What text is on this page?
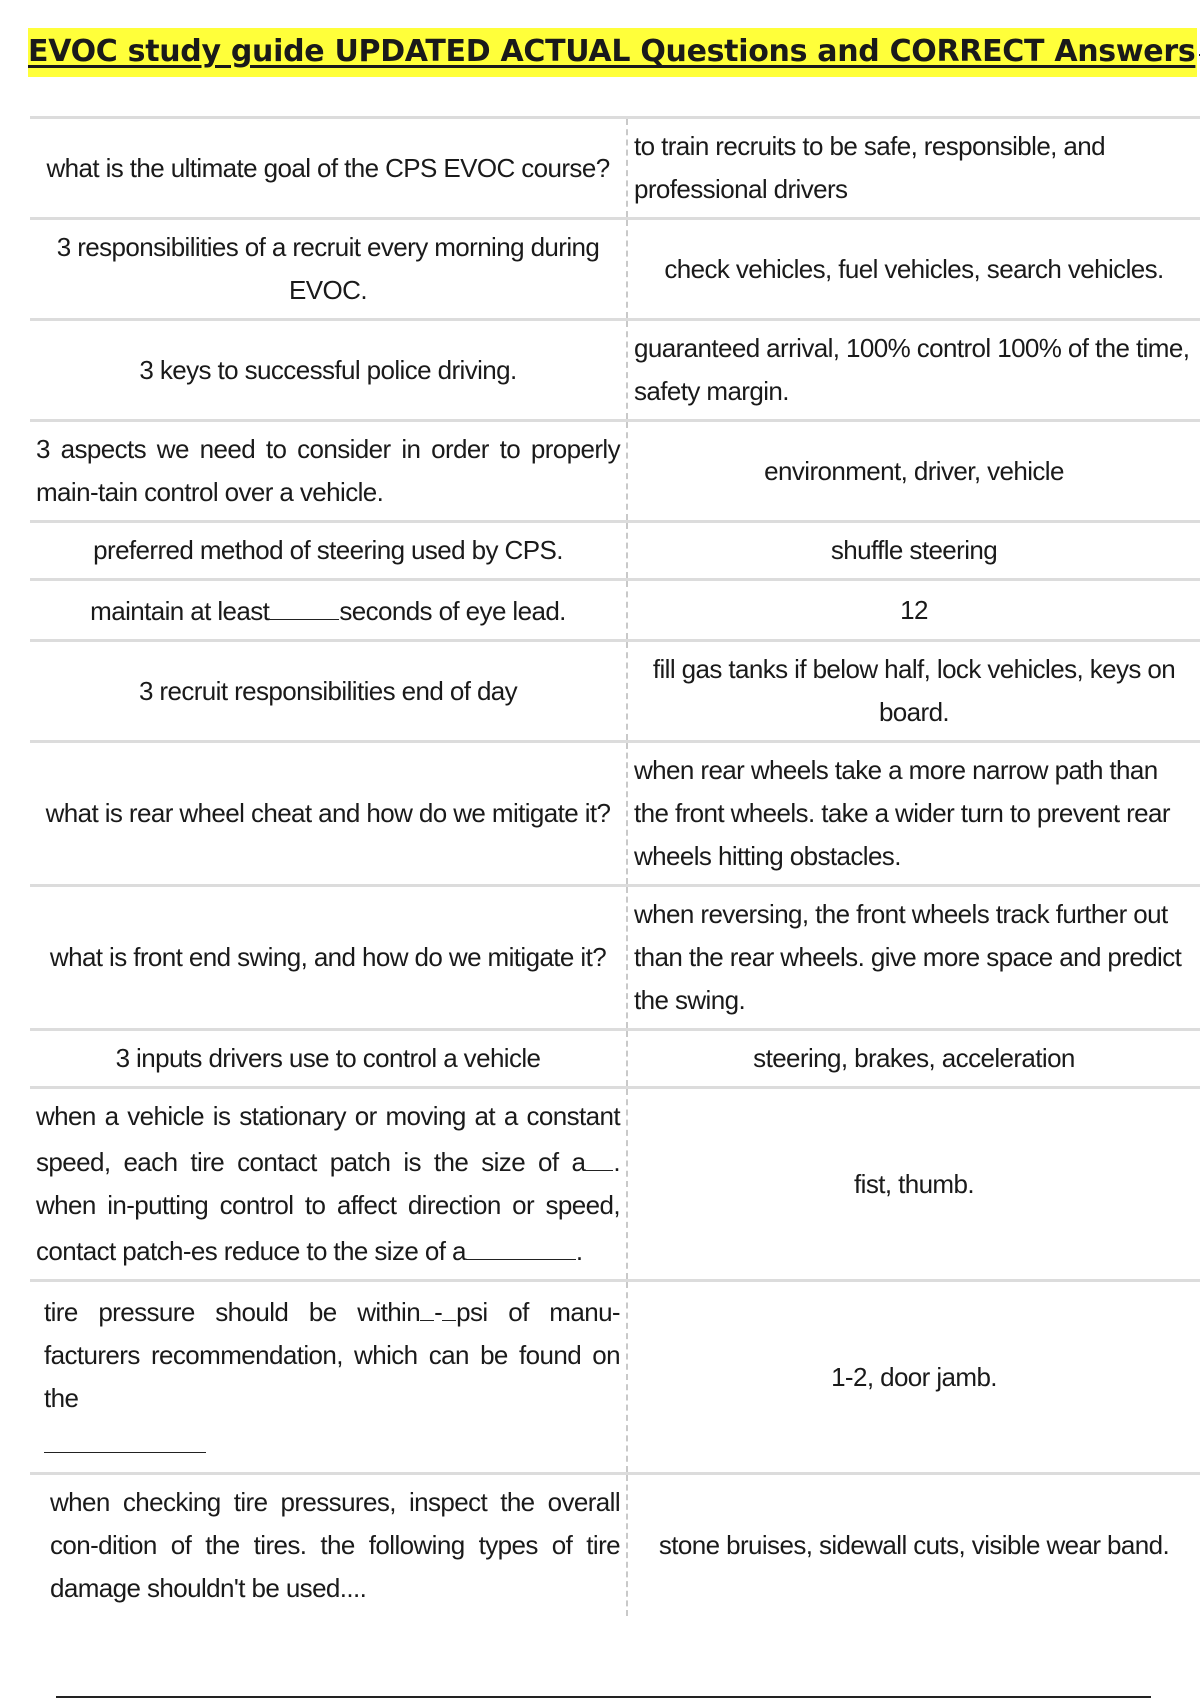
EVOC study guide UPDATED ACTUAL Questions and CORRECT Answers
what is the ultimate goal of the CPS EVOC course?	to train recruits to be safe, responsible, and professional drivers
3 responsibilities of a recruit every morning during EVOC.	check vehicles, fuel vehicles, search vehicles.
3 keys to successful police driving.	guaranteed arrival, 100% control 100% of the time, safety margin.
3 aspects we need to consider in order to properly main-tain control over a vehicle.	environment, driver, vehicle
preferred method of steering used by CPS.	shuffle steering
maintain at least seconds of eye lead.	12
3 recruit responsibilities end of day	fill gas tanks if below half, lock vehicles, keys on board.
what is rear wheel cheat and how do we mitigate it?	when rear wheels take a more narrow path than the front wheels. take a wider turn to prevent rear wheels hitting obstacles.
what is front end swing, and how do we mitigate it?	when reversing, the front wheels track further out than the rear wheels. give more space and predict the swing.
3 inputs drivers use to control a vehicle	steering, brakes, acceleration
when a vehicle is stationary or moving at a constant speed, each tire contact patch is the size of a . when in-putting control to affect direction or speed, contact patch-es reduce to the size of a .	fist, thumb.
tire pressure should be within - psi of manu-facturers recommendation, which can be found on the	1-2, door jamb.
when checking tire pressures, inspect the overall con-dition of the tires. the following types of tire damage shouldn't be used....	stone bruises, sidewall cuts, visible wear band.
